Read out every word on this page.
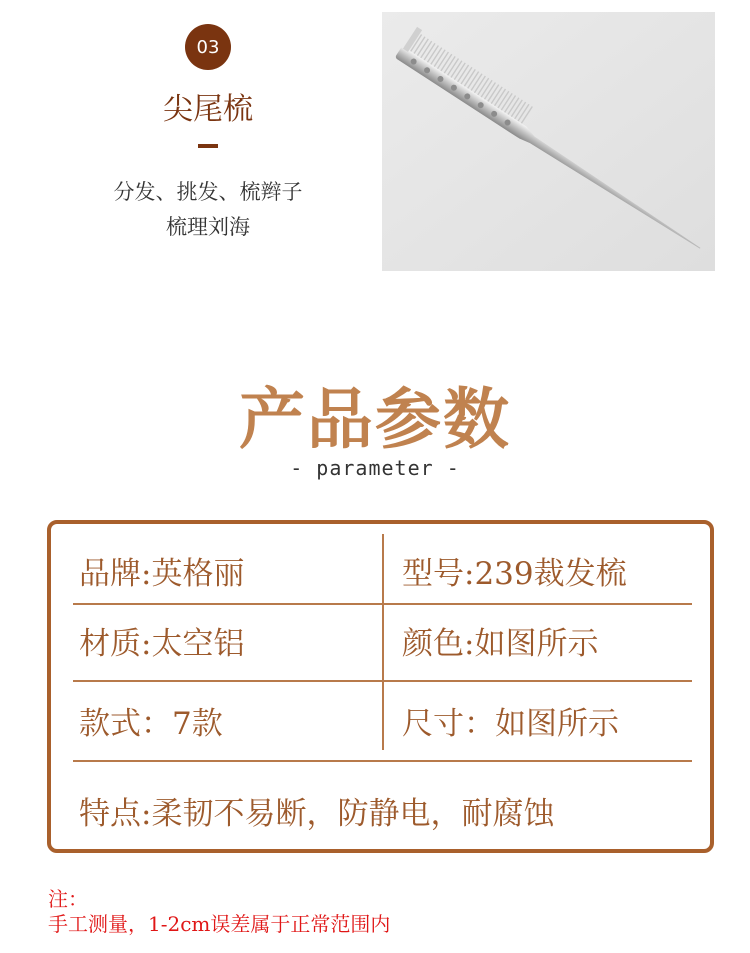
03
尖尾梳
分发、挑发、梳辫子
梳理刘海
产品参数
- parameter -
品牌:英格丽	型号:239裁发梳
材质:太空铝	颜色:如图所示
款式：7款	尺寸：如图所示
特点:柔韧不易断，防静电，耐腐蚀
注：
手工测量，1-2cm误差属于正常范围内
